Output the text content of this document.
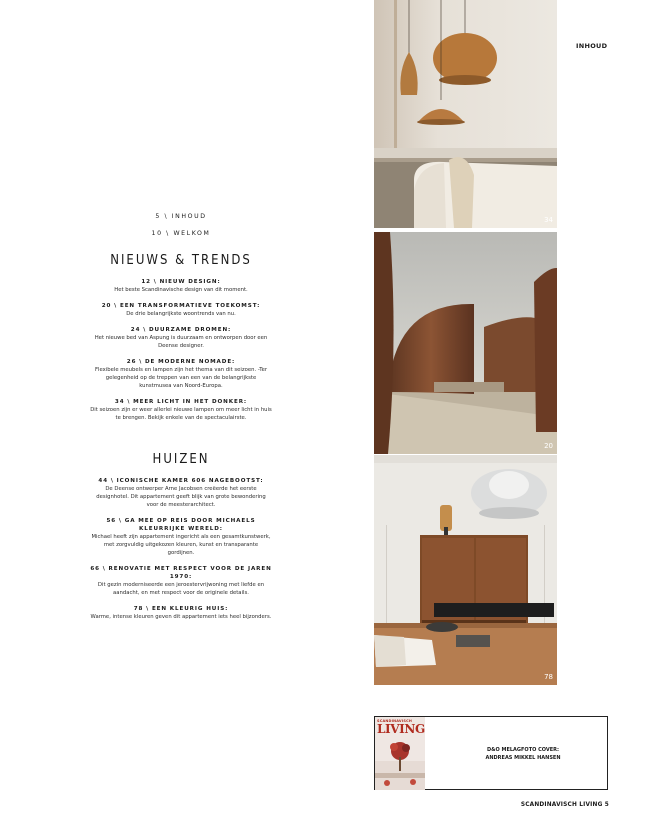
INHOUD
5 \ INHOUD
10 \ WELKOM
NIEUWS & TRENDS
12 \ NIEUW DESIGN:
Het beste Scandinavische design van dit moment.
20 \ EEN TRANSFORMATIEVE TOEKOMST:
De drie belangrijkste woontrends van nu.
24 \ DUURZAME DROMEN:
Het nieuwe bed van Aspung is duurzaam en ontworpen door een Deense designer.
26 \ DE MODERNE NOMADE:
Flexibele meubels en lampen zijn het thema van dit seizoen. -Ter gelegenheid op de treppen van een van de belangrijkste kunstmusea van Noord-Europa.
34 \ MEER LICHT IN HET DONKER:
Dit seizoen zijn er weer allerlei nieuwe lampen om meer licht in huis te brengen. Bekijk enkele van de spectaculairste.
HUIZEN
44 \ ICONISCHE KAMER 606 NAGEBOOTST:
De Deense ontwerper Arne Jacobsen creëerde het eerste designhotel. Dit appartement geeft blijk van grote bewondering voor de meesterarchitect.
56 \ GA MEE OP REIS DOOR MICHAELS KLEURRIJKE WERELD:
Michael heeft zijn appartement ingericht als een gesamtkunstwerk, met zorgvuldig uitgekozen kleuren, kunst en transparante gordijnen.
66 \ RENOVATIE MET RESPECT VOOR DE JAREN 1970:
Dit gezin moderniseerde een jeroestervrijwoning met liefde en aandacht, en met respect voor de originele details.
78 \ EEN KLEURIG HUIS:
Warme, intense kleuren geven dit appartement iets heel bijzonders.
34
20
78
SCANDINAVISCH
LIVING
D&O MELAGFOTO COVER:
ANDREAS MIKKEL HANSEN
SCANDINAVISCH LIVING 5
